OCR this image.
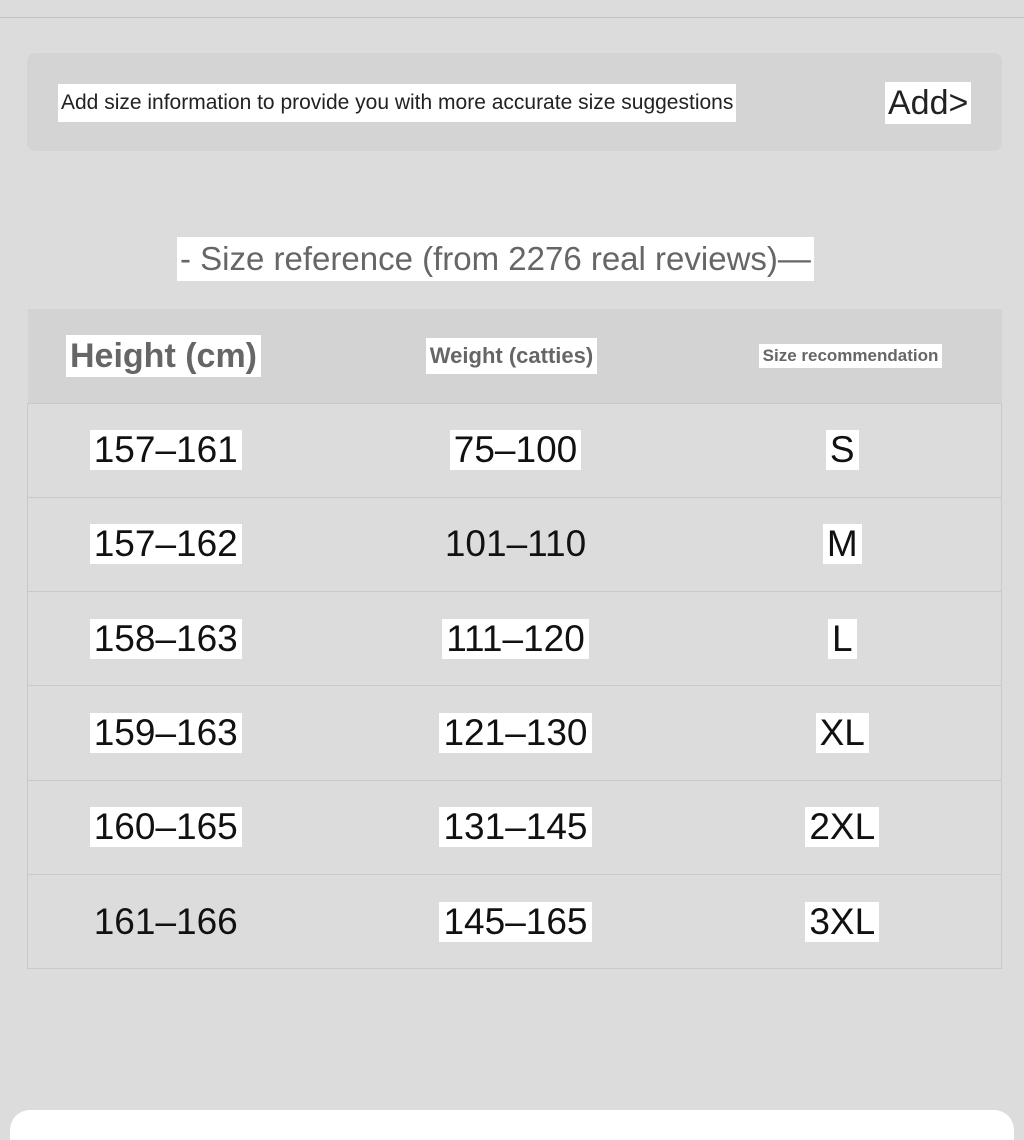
Add size information to provide you with more accurate size suggestions	Add>
- Size reference (from 2276 real reviews)—
Height (cm)	Weight (catties)	Size recommendation
157–161	75–100	S
157–162	101–110	M
158–163	111–120	L
159–163	121–130	XL
160–165	131–145	2XL
161–166	145–165	3XL
